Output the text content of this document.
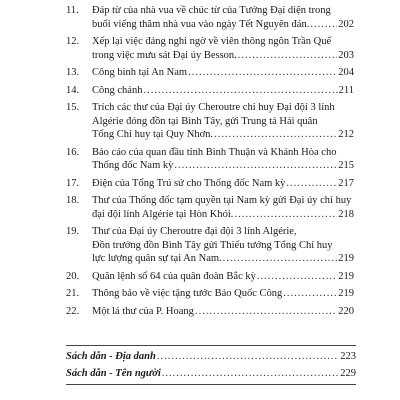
11.	Đáp từ của nhà vua về chúc từ của Tướng Đại diện trong
buổi viếng thăm nhà vua vào ngày Tết Nguyên đán. .....	202
12.	Xếp lại việc đáng nghi ngờ về viên thông ngôn Trần Quế
trong việc mưu sát Đại úy Besson. .....	203
13.	Công binh tại An Nam .....	204
14.	Công chánh .....	211
15.	Trích các thư của Đại úy Cheroutre chỉ huy Đại đội 3 lính
Algérie đóng đồn tại Bình Tây, gửi Trung tá Hải quân
Tổng Chỉ huy tại Quy Nhơn. .....	212
16.	Báo cáo của quan đầu tỉnh Bình Thuận và Khánh Hòa cho
Thống đốc Nam kỳ .....	215
17.	Điện của Tổng Trú sứ cho Thống đốc Nam kỳ .....	217
18.	Thư của Thống đốc tạm quyền tại Nam kỳ gửi Đại úy chỉ huy
đại đội lính Algérie tại Hòn Khói. .....	218
19.	Thư của Đại úy Cheroutre đại đội 3 lính Algérie,
Đồn trưởng đồn Bình Tây gửi Thiếu tướng Tổng Chỉ huy
lực lượng quân sự tại An Nam. .....	219
20.	Quân lệnh số 64 của quân đoàn Bắc kỳ .....	219
21.	Thông báo về việc tặng tước Bảo Quốc Công .....	219
22.	Một lá thư của P. Hoang .....	220
Sách dẫn - Địa danh .....	223
Sách dẫn - Tên người .....	229
